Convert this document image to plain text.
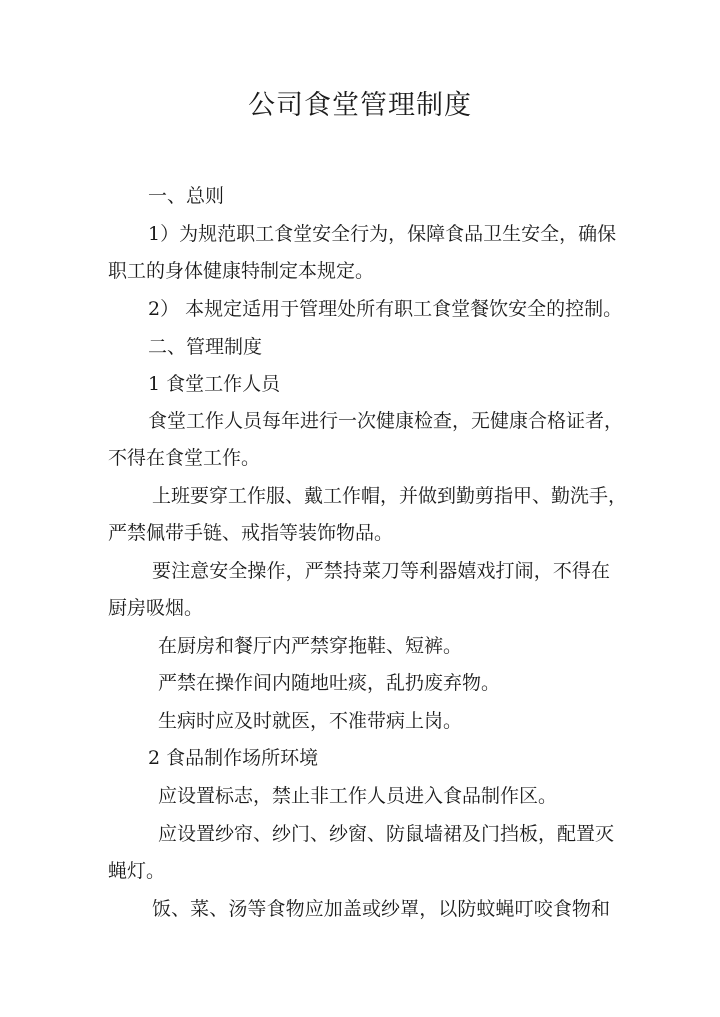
公司食堂管理制度
一、总则
1）为规范职工食堂安全行为，保障食品卫生安全，确保
职工的身体健康特制定本规定。
2） 本规定适用于管理处所有职工食堂餐饮安全的控制。
二、管理制度
1 食堂工作人员
食堂工作人员每年进行一次健康检查，无健康合格证者，
不得在食堂工作。
上班要穿工作服、戴工作帽，并做到勤剪指甲、勤洗手，
严禁佩带手链、戒指等装饰物品。
要注意安全操作，严禁持菜刀等利器嬉戏打闹，不得在
厨房吸烟。
在厨房和餐厅内严禁穿拖鞋、短裤。
严禁在操作间内随地吐痰，乱扔废弃物。
生病时应及时就医，不准带病上岗。
2 食品制作场所环境
应设置标志，禁止非工作人员进入食品制作区。
应设置纱帘、纱门、纱窗、防鼠墙裙及门挡板，配置灭
蝇灯。
饭、菜、汤等食物应加盖或纱罩，以防蚊蝇叮咬食物和
